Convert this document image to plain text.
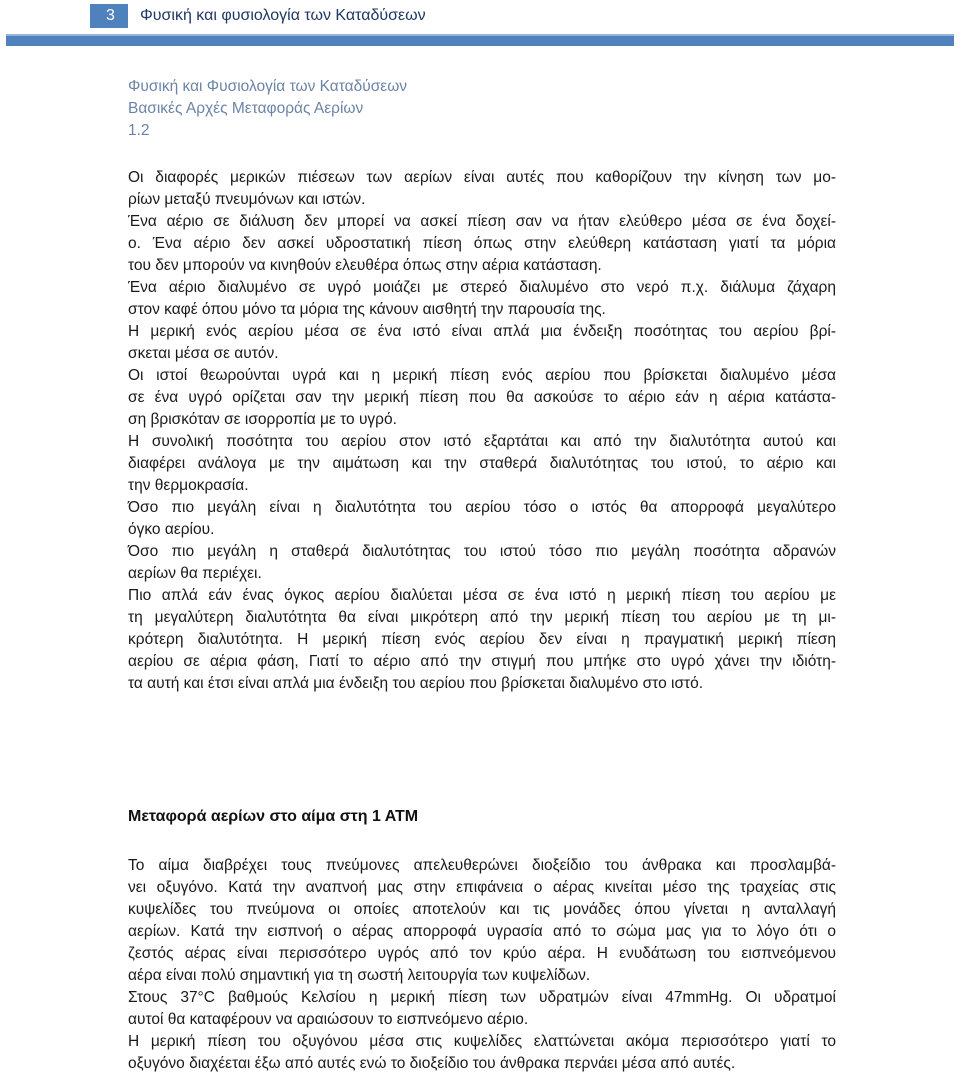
3	Φυσική και φυσιολογία των Καταδύσεων
Φυσική και Φυσιολογία των Καταδύσεων
Βασικές Αρχές Μεταφοράς Αερίων
1.2
Οι διαφορές μερικών πιέσεων των αερίων είναι αυτές που καθορίζουν την κίνηση των μο-
ρίων μεταξύ πνευμόνων και ιστών.
Ένα αέριο σε διάλυση δεν μπορεί να ασκεί πίεση σαν να ήταν ελεύθερο μέσα σε ένα δοχεί-
ο. Ένα αέριο δεν ασκεί υδροστατική πίεση όπως στην ελεύθερη κατάσταση γιατί τα μόρια
του δεν μπορούν να κινηθούν ελευθέρα όπως στην αέρια κατάσταση.
Ένα αέριο διαλυμένο σε υγρό μοιάζει με στερεό διαλυμένο στο νερό π.χ. διάλυμα ζάχαρη
στον καφέ όπου μόνο τα μόρια της κάνουν αισθητή την παρουσία της.
Η μερική ενός αερίου μέσα σε ένα ιστό είναι απλά μια ένδειξη ποσότητας του αερίου βρί-
σκεται μέσα σε αυτόν.
Οι ιστοί θεωρούνται υγρά και η μερική πίεση ενός αερίου που βρίσκεται διαλυμένο μέσα
σε ένα υγρό ορίζεται σαν την μερική πίεση που θα ασκούσε το αέριο εάν η αέρια κατάστα-
ση βρισκόταν σε ισορροπία με το υγρό.
Η συνολική ποσότητα του αερίου στον ιστό εξαρτάται και από την διαλυτότητα αυτού και
διαφέρει ανάλογα με την αιμάτωση και την σταθερά διαλυτότητας του ιστού, το αέριο και
την θερμοκρασία.
Όσο πιο μεγάλη είναι η διαλυτότητα του αερίου τόσο ο ιστός θα απορροφά μεγαλύτερο
όγκο αερίου.
Όσο πιο μεγάλη η σταθερά διαλυτότητας του ιστού τόσο πιο μεγάλη ποσότητα αδρανών
αερίων θα περιέχει.
Πιο απλά εάν ένας όγκος αερίου διαλύεται μέσα σε ένα ιστό η μερική πίεση του αερίου με
τη μεγαλύτερη διαλυτότητα θα είναι μικρότερη από την μερική πίεση του αερίου με τη μι-
κρότερη διαλυτότητα. Η μερική πίεση ενός αερίου δεν είναι η πραγματική μερική πίεση
αερίου σε αέρια φάση, Γιατί το αέριο από την στιγμή που μπήκε στο υγρό χάνει την ιδιότη-
τα αυτή και έτσι είναι απλά μια ένδειξη του αερίου που βρίσκεται διαλυμένο στο ιστό.
Μεταφορά αερίων στο αίμα στη 1 ΑΤΜ
Το αίμα διαβρέχει τους πνεύμονες απελευθερώνει διοξείδιο του άνθρακα και προσλαμβά-
νει οξυγόνο. Κατά την αναπνοή μας στην επιφάνεια ο αέρας κινείται μέσο της τραχείας στις
κυψελίδες του πνεύμονα οι οποίες αποτελούν και τις μονάδες όπου γίνεται η ανταλλαγή
αερίων. Κατά την εισπνοή ο αέρας απορροφά υγρασία από το σώμα μας για το λόγο ότι ο
ζεστός αέρας είναι περισσότερο υγρός από τον κρύο αέρα. Η ενυδάτωση του εισπνεόμενου
αέρα είναι πολύ σημαντική για τη σωστή λειτουργία των κυψελίδων.
Στους 37°C βαθμούς Κελσίου η μερική πίεση των υδρατμών είναι 47mmHg. Οι υδρατμοί
αυτοί θα καταφέρουν να αραιώσουν το εισπνεόμενο αέριο.
Η μερική πίεση του οξυγόνου μέσα στις κυψελίδες ελαττώνεται ακόμα περισσότερο γιατί το
οξυγόνο διαχέεται έξω από αυτές ενώ το διοξείδιο του άνθρακα περνάει μέσα από αυτές.
